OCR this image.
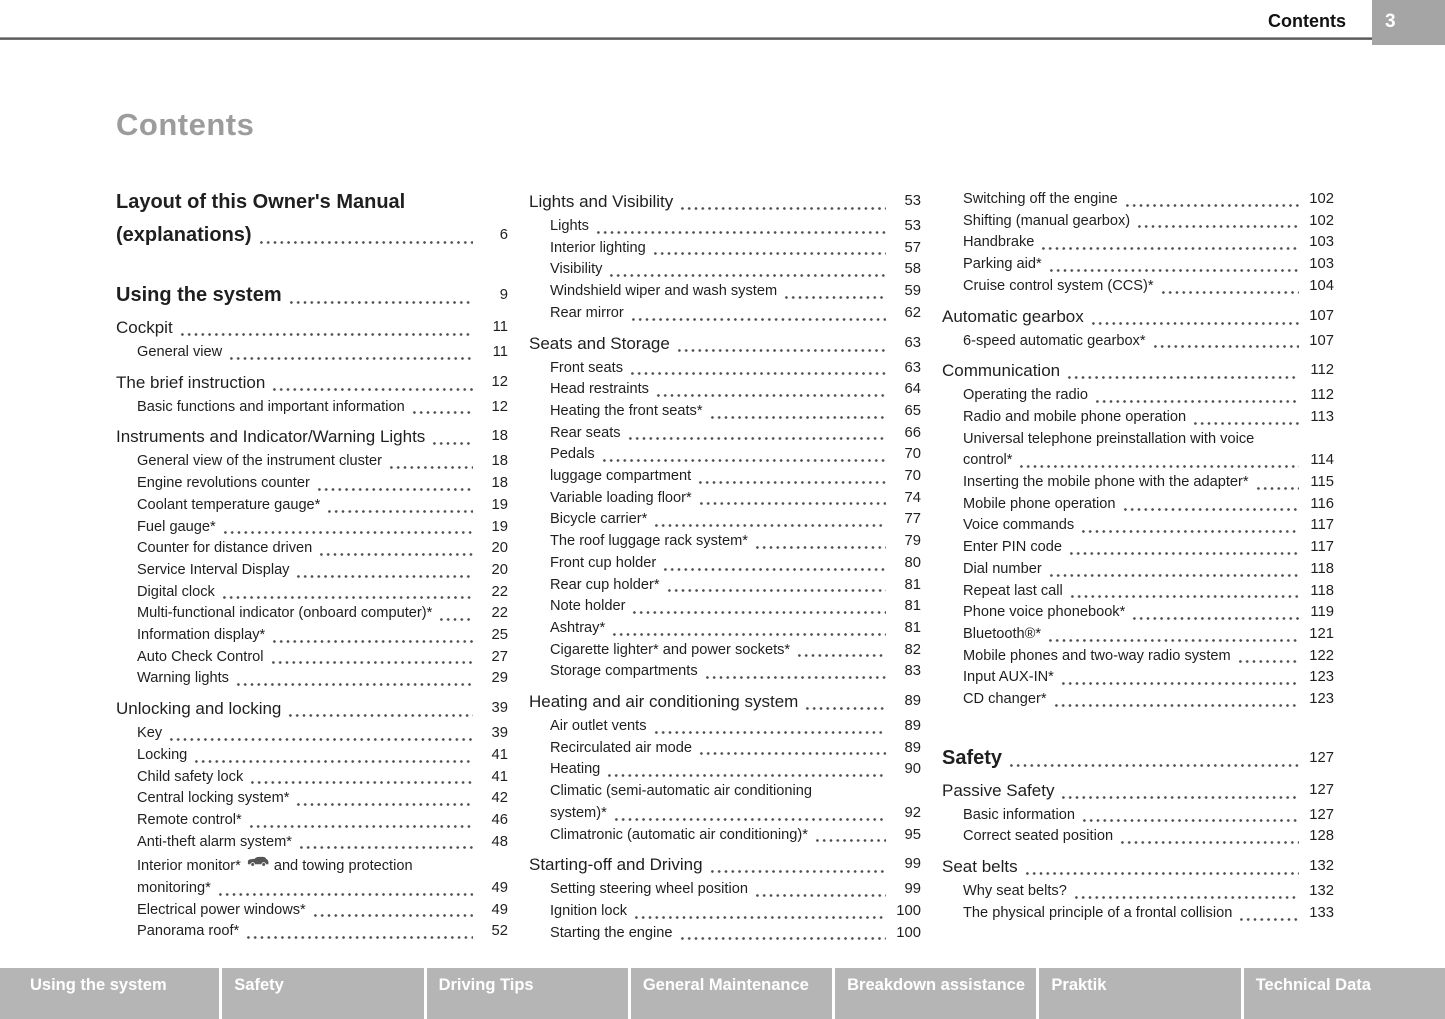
Contents	3
Contents
Layout of this Owner's Manual
(explanations)	6
Using the system	9
Cockpit	11
General view	11
The brief instruction	12
Basic functions and important information	12
Instruments and Indicator/Warning Lights	18
General view of the instrument cluster	18
Engine revolutions counter	18
Coolant temperature gauge*	19
Fuel gauge*	19
Counter for distance driven	20
Service Interval Display	20
Digital clock	22
Multi-functional indicator (onboard computer)*	22
Information display*	25
Auto Check Control	27
Warning lights	29
Unlocking and locking	39
Key	39
Locking	41
Child safety lock	41
Central locking system*	42
Remote control*	46
Anti-theft alarm system*	48
Interior monitor* and towing protection
monitoring*	49
Electrical power windows*	49
Panorama roof*	52
Lights and Visibility	53
Lights	53
Interior lighting	57
Visibility	58
Windshield wiper and wash system	59
Rear mirror	62
Seats and Storage	63
Front seats	63
Head restraints	64
Heating the front seats*	65
Rear seats	66
Pedals	70
luggage compartment	70
Variable loading floor*	74
Bicycle carrier*	77
The roof luggage rack system*	79
Front cup holder	80
Rear cup holder*	81
Note holder	81
Ashtray*	81
Cigarette lighter* and power sockets*	82
Storage compartments	83
Heating and air conditioning system	89
Air outlet vents	89
Recirculated air mode	89
Heating	90
Climatic (semi-automatic air conditioning
system)*	92
Climatronic (automatic air conditioning)*	95
Starting-off and Driving	99
Setting steering wheel position	99
Ignition lock	100
Starting the engine	100
Switching off the engine	102
Shifting (manual gearbox)	102
Handbrake	103
Parking aid*	103
Cruise control system (CCS)*	104
Automatic gearbox	107
6-speed automatic gearbox*	107
Communication	112
Operating the radio	112
Radio and mobile phone operation	113
Universal telephone preinstallation with voice
control*	114
Inserting the mobile phone with the adapter*	115
Mobile phone operation	116
Voice commands	117
Enter PIN code	117
Dial number	118
Repeat last call	118
Phone voice phonebook*	119
Bluetooth®*	121
Mobile phones and two-way radio system	122
Input AUX-IN*	123
CD changer*	123
Safety	127
Passive Safety	127
Basic information	127
Correct seated position	128
Seat belts	132
Why seat belts?	132
The physical principle of a frontal collision	133
Using the system	Safety	Driving Tips	General Maintenance	Breakdown assistance	Praktik	Technical Data
